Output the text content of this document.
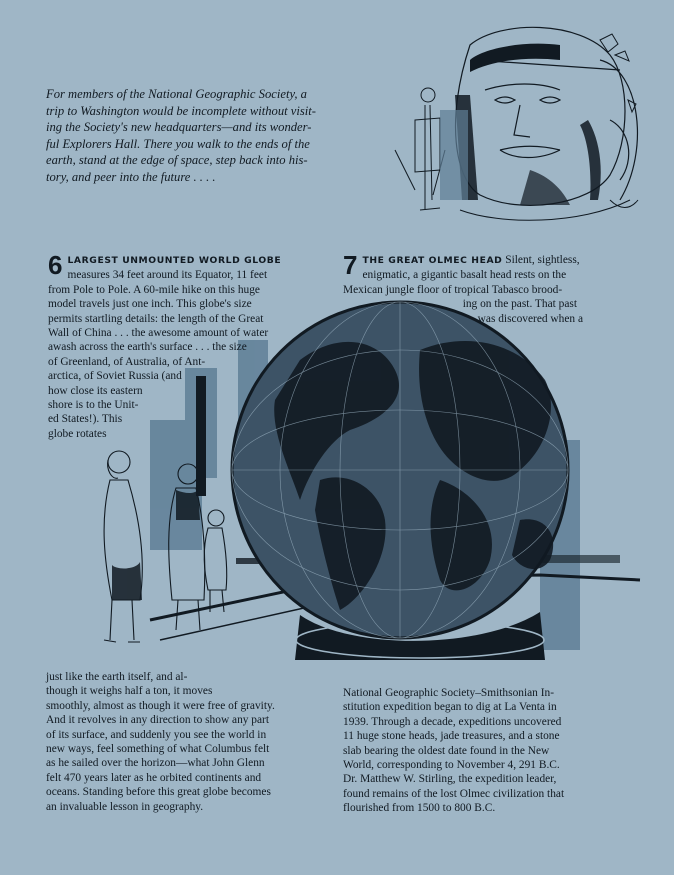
For members of the National Geographic Society, a
trip to Washington would be incomplete without visit-
ing the Society's new headquarters—and its wonder-
ful Explorers Hall. There you walk to the ends of the
earth, stand at the edge of space, step back into his-
tory, and peer into the future . . . .

6 LARGEST UNMOUNTED WORLD GLOBE measures 34 feet around its Equator, 11 feet

from Pole to Pole. A 60-mile hike on this huge
model travels just one inch. This globe's size
permits startling details: the length of the Great
Wall of China . . . the awesome amount of water
awash across the earth's surface . . . the size
of Greenland, of Australia, of Ant-
arctica, of Soviet Russia (and
how close its eastern
shore is to the Unit-
ed States!). This
globe rotates

7 THE GREAT OLMEC HEAD Silent, sightless,

enigmatic, a gigantic basalt head rests on the
Mexican jungle floor of tropical Tabasco brood-
ing on the past. That past
was discovered when a

just like the earth itself, and al-
though it weighs half a ton, it moves
smoothly, almost as though it were free of gravity.
And it revolves in any direction to show any part
of its surface, and suddenly you see the world in
new ways, feel something of what Columbus felt
as he sailed over the horizon—what John Glenn
felt 470 years later as he orbited continents and
oceans. Standing before this great globe becomes
an invaluable lesson in geography.

National Geographic Society–Smithsonian In-
stitution expedition began to dig at La Venta in
1939. Through a decade, expeditions uncovered
11 huge stone heads, jade treasures, and a stone
slab bearing the oldest date found in the New
World, corresponding to November 4, 291 B.C.
Dr. Matthew W. Stirling, the expedition leader,
found remains of the lost Olmec civilization that
flourished from 1500 to 800 B.C.
